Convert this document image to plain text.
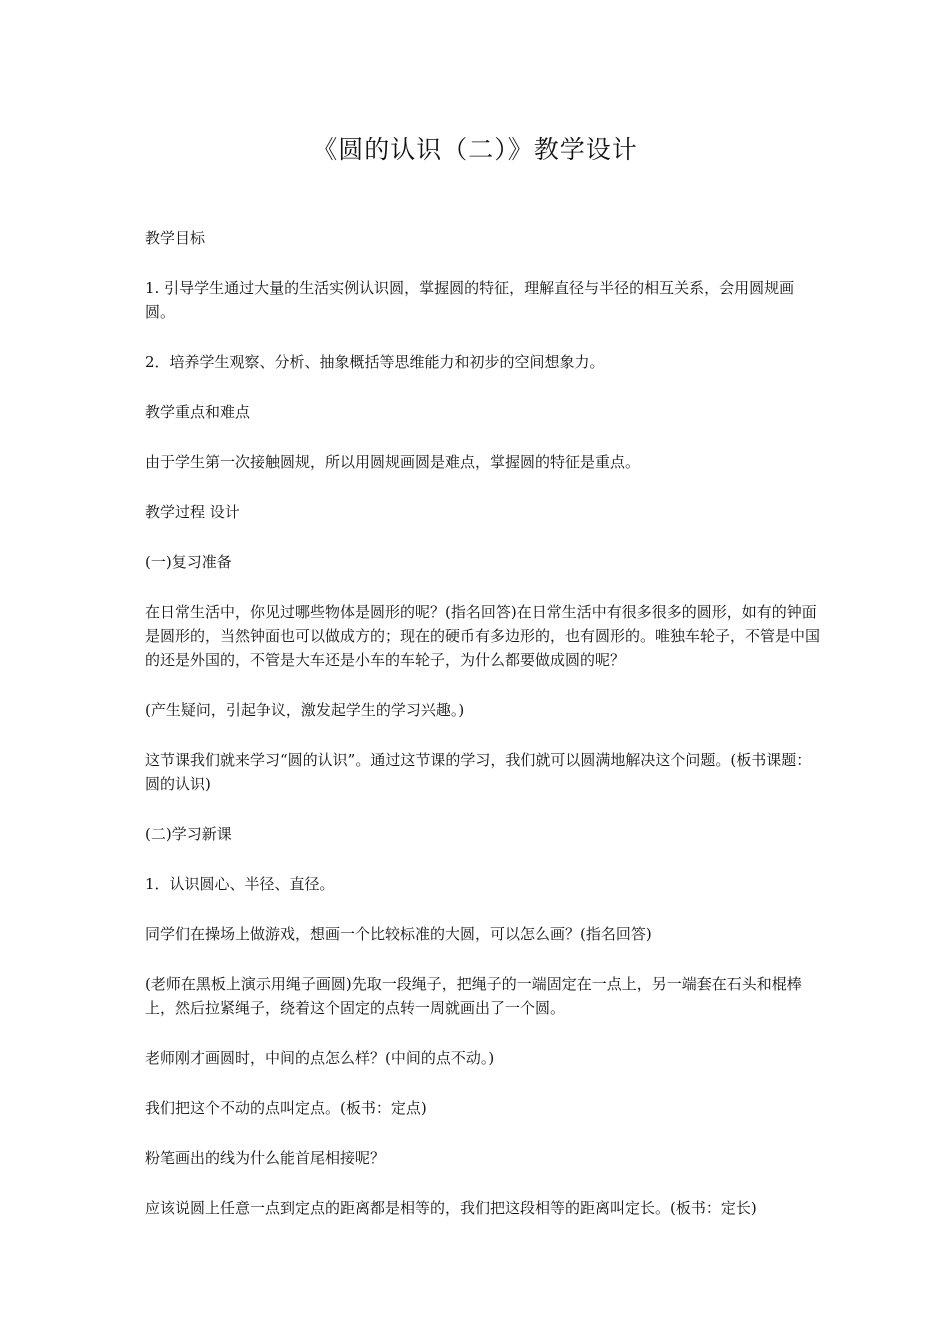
《圆的认识（二）》教学设计

教学目标

1. 引导学生通过大量的生活实例认识圆，掌握圆的特征，理解直径与半径的相互关系，会用圆规画圆。

2．培养学生观察、分析、抽象概括等思维能力和初步的空间想象力。

教学重点和难点

由于学生第一次接触圆规，所以用圆规画圆是难点，掌握圆的特征是重点。

教学过程 设计

(一)复习准备

在日常生活中，你见过哪些物体是圆形的呢？(指名回答)在日常生活中有很多很多的圆形，如有的钟面是圆形的，当然钟面也可以做成方的；现在的硬币有多边形的，也有圆形的。唯独车轮子，不管是中国的还是外国的，不管是大车还是小车的车轮子，为什么都要做成圆的呢？

(产生疑问，引起争议，激发起学生的学习兴趣。)

这节课我们就来学习“圆的认识”。通过这节课的学习，我们就可以圆满地解决这个问题。(板书课题：圆的认识)

(二)学习新课

1．认识圆心、半径、直径。

同学们在操场上做游戏，想画一个比较标准的大圆，可以怎么画？(指名回答)

(老师在黑板上演示用绳子画圆)先取一段绳子，把绳子的一端固定在一点上，另一端套在石头和棍棒上，然后拉紧绳子，绕着这个固定的点转一周就画出了一个圆。

老师刚才画圆时，中间的点怎么样？(中间的点不动。)

我们把这个不动的点叫定点。(板书：定点)

粉笔画出的线为什么能首尾相接呢？

应该说圆上任意一点到定点的距离都是相等的，我们把这段相等的距离叫定长。(板书：定长)
